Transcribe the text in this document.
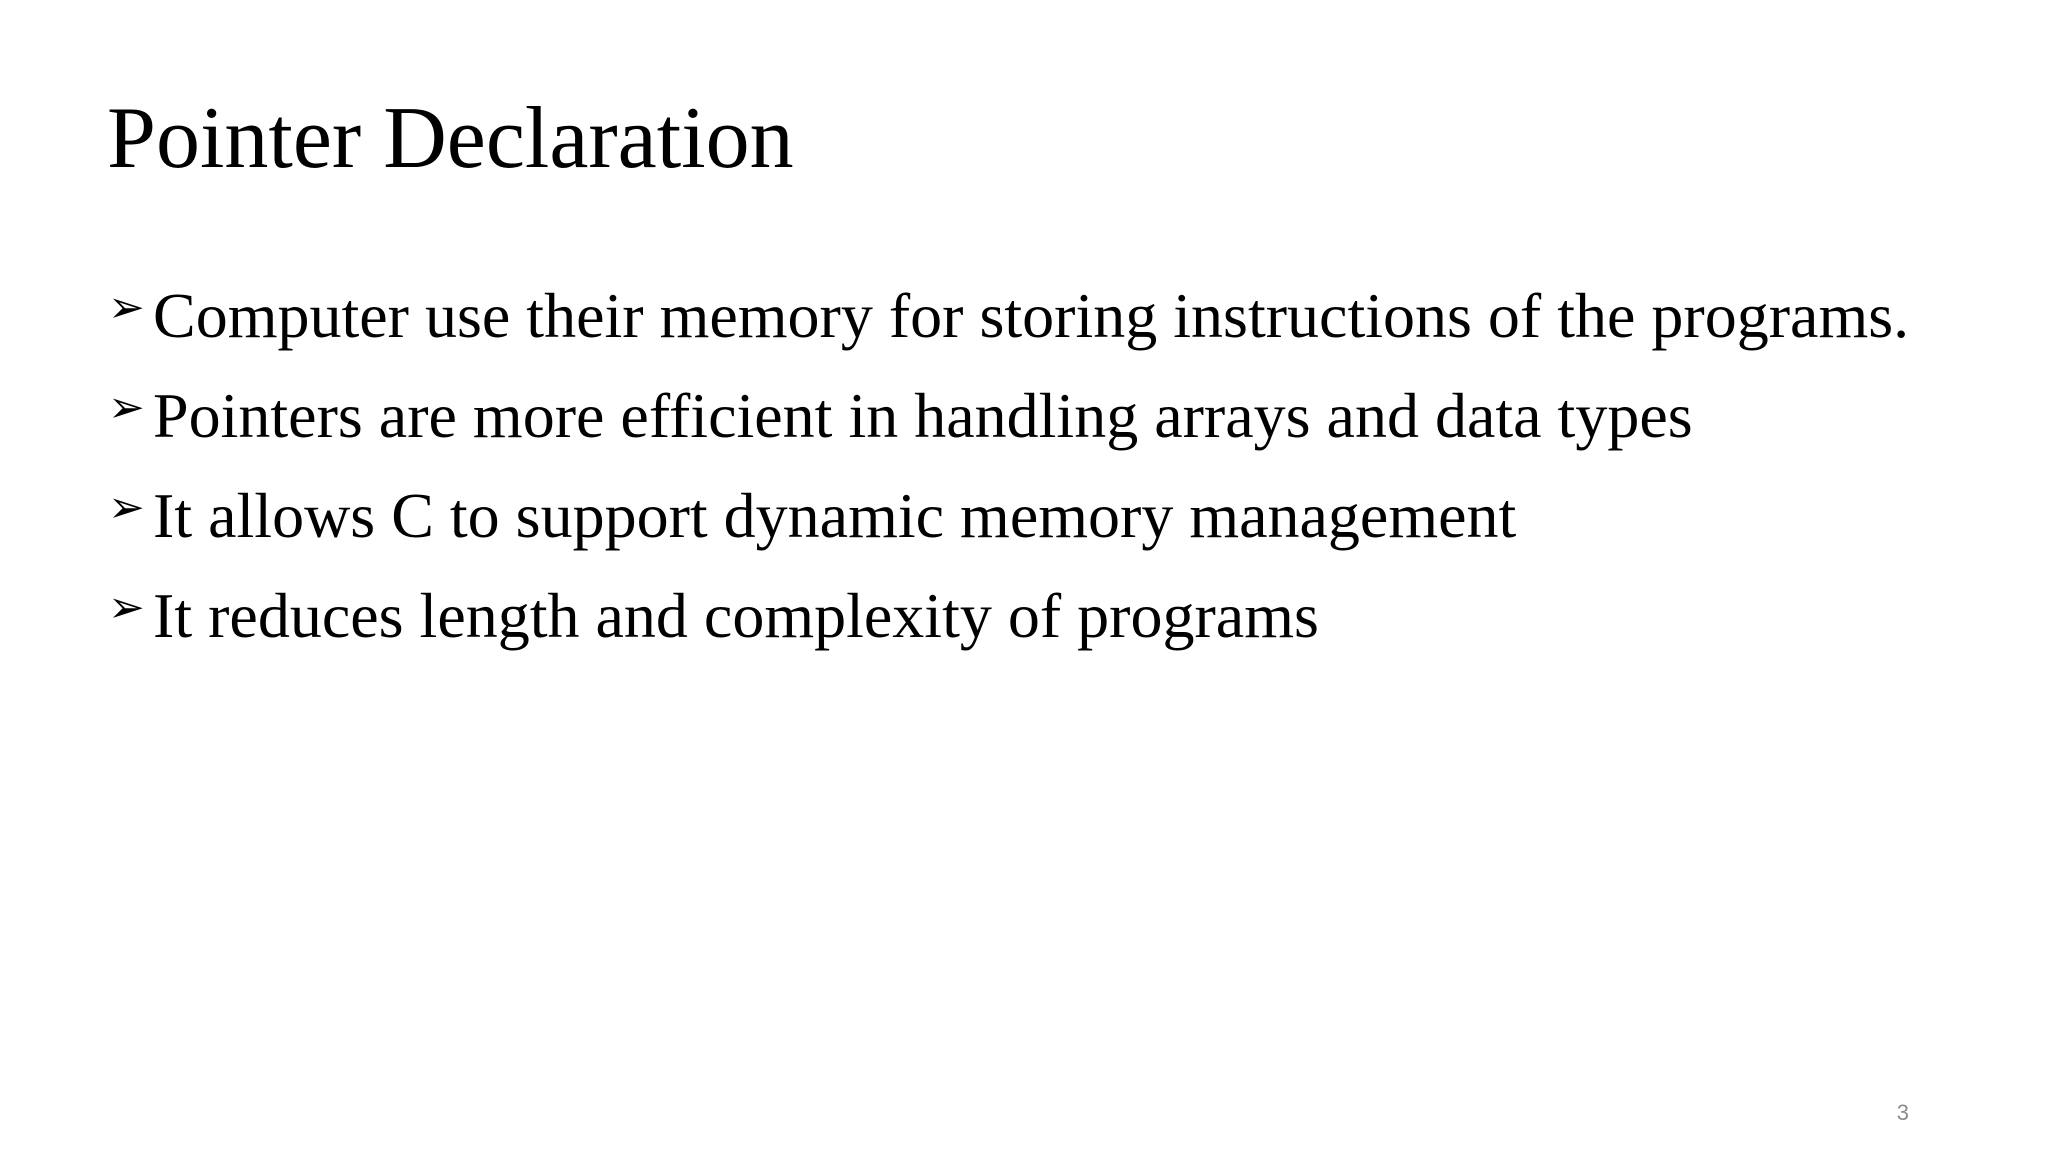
Pointer Declaration
➢ Computer use their memory for storing instructions of the programs.
➢ Pointers are more efficient in handling arrays and data types
➢ It allows C to support dynamic memory management
➢ It reduces length and complexity of programs
3
